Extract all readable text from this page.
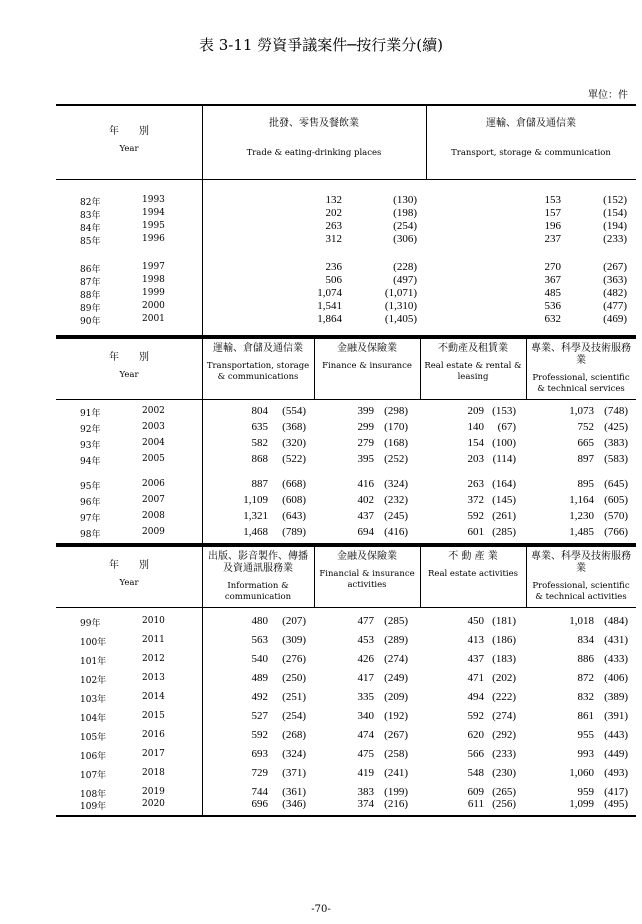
表 3-11 勞資爭議案件─按行業分(續)
單位：件
年　　別
Year
批發、零售及餐飲業
Trade & eating-drinking places
運輸、倉儲及通信業
Transport, storage & communication
82年	1993	132	(130)	153	(152)
83年	1994	202	(198)	157	(154)
84年	1995	263	(254)	196	(194)
85年	1996	312	(306)	237	(233)
86年	1997	236	(228)	270	(267)
87年	1998	506	(497)	367	(363)
88年	1999	1,074	(1,071)	485	(482)
89年	2000	1,541	(1,310)	536	(477)
90年	2001	1,864	(1,405)	632	(469)
年　　別
Year
運輸、倉儲及通信業
Transportation, storage & communications
金融及保險業
Finance & insurance
不動產及租賃業
Real estate & rental & leasing
專業、科學及技術服務業
Professional, scientific & technical services
91年	2002	804 (554)	399 (298)	209 (153)	1,073 (748)
92年	2003	635 (368)	299 (170)	140 (67)	752 (425)
93年	2004	582 (320)	279 (168)	154 (100)	665 (383)
94年	2005	868 (522)	395 (252)	203 (114)	897 (583)
95年	2006	887 (668)	416 (324)	263 (164)	895 (645)
96年	2007	1,109 (608)	402 (232)	372 (145)	1,164 (605)
97年	2008	1,321 (643)	437 (245)	592 (261)	1,230 (570)
98年	2009	1,468 (789)	694 (416)	601 (285)	1,485 (766)
年　　別
Year
出版、影音製作、傳播及資通訊服務業
Information & communication
金融及保險業
Financial & insurance activities
不 動 產 業
Real estate activities
專業、科學及技術服務業
Professional, scientific & technical activities
99年	2010	480 (207)	477 (285)	450 (181)	1,018 (484)
100年	2011	563 (309)	453 (289)	413 (186)	834 (431)
101年	2012	540 (276)	426 (274)	437 (183)	886 (433)
102年	2013	489 (250)	417 (249)	471 (202)	872 (406)
103年	2014	492 (251)	335 (209)	494 (222)	832 (389)
104年	2015	527 (254)	340 (192)	592 (274)	861 (391)
105年	2016	592 (268)	474 (267)	620 (292)	955 (443)
106年	2017	693 (324)	475 (258)	566 (233)	993 (449)
107年	2018	729 (371)	419 (241)	548 (230)	1,060 (493)
108年	2019	744 (361)	383 (199)	609 (265)	959 (417)
109年	2020	696 (346)	374 (216)	611 (256)	1,099 (495)
-70-
